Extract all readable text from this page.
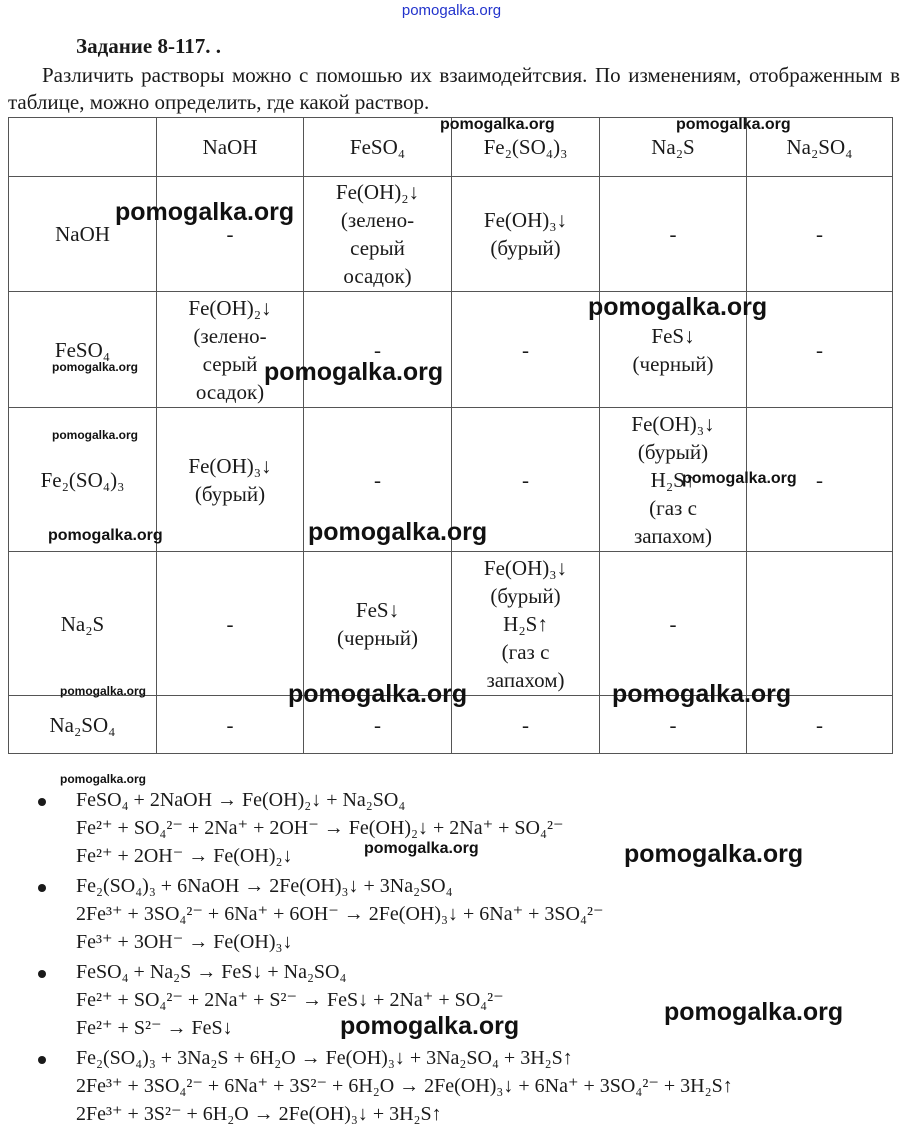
pomogalka.org
Задание 8-117. .
Различить растворы можно с помошью их взаимодейтсвия. По изменениям, отображенным в таблице, можно определить, где какой раствор.
	NaOH	FeSO₄	Fe₂(SO₄)₃	Na₂S	Na₂SO₄
NaOH	-	Fe(OH)₂↓
(зелено-
серый
осадок)	Fe(OH)₃↓
(бурый)	-	-

FeSO₄	Fe(OH)₂↓
(зелено-
серый
осадок)	-	-	FeS↓
(черный)	-

Fe₂(SO₄)₃	Fe(OH)₃↓
(бурый)	-	-	Fe(OH)₃↓
(бурый)
H₂S↑
(газ с
запахом)	-

Na₂S	-	FeS↓
(черный)	Fe(OH)₃↓
(бурый)
H₂S↑
(газ с
запахом)	-	

Na₂SO₄	-	-	-	-	-
FeSO₄ + 2NaOH → Fe(OH)₂↓ + Na₂SO₄
Fe²⁺ + SO₄²⁻ + 2Na⁺ + 2OH⁻ → Fe(OH)₂↓ + 2Na⁺ + SO₄²⁻
Fe²⁺ + 2OH⁻ → Fe(OH)₂↓
Fe₂(SO₄)₃ + 6NaOH → 2Fe(OH)₃↓ + 3Na₂SO₄
2Fe³⁺ + 3SO₄²⁻ + 6Na⁺ + 6OH⁻ → 2Fe(OH)₃↓ + 6Na⁺ + 3SO₄²⁻
Fe³⁺ + 3OH⁻ → Fe(OH)₃↓
FeSO₄ + Na₂S → FeS↓ + Na₂SO₄
Fe²⁺ + SO₄²⁻ + 2Na⁺ + S²⁻ → FeS↓ + 2Na⁺ + SO₄²⁻
Fe²⁺ + S²⁻ → FeS↓
Fe₂(SO₄)₃ + 3Na₂S + 6H₂O → Fe(OH)₃↓ + 3Na₂SO₄ + 3H₂S↑
2Fe³⁺ + 3SO₄²⁻ + 6Na⁺ + 3S²⁻ + 6H₂O → 2Fe(OH)₃↓ + 6Na⁺ + 3SO₄²⁻ + 3H₂S↑
2Fe³⁺ + 3S²⁻ + 6H₂O → 2Fe(OH)₃↓ + 3H₂S↑
pomogalka.org
pomogalka.org	pomogalka.org
pomogalka.org
pomogalka.org	pomogalka.org
pomogalka.org
pomogalka.org
pomogalka.org
pomogalka.org
pomogalka.org	pomogalka.org	pomogalka.org
pomogalka.org
pomogalka.org	pomogalka.org
pomogalka.org
pomogalka.org
